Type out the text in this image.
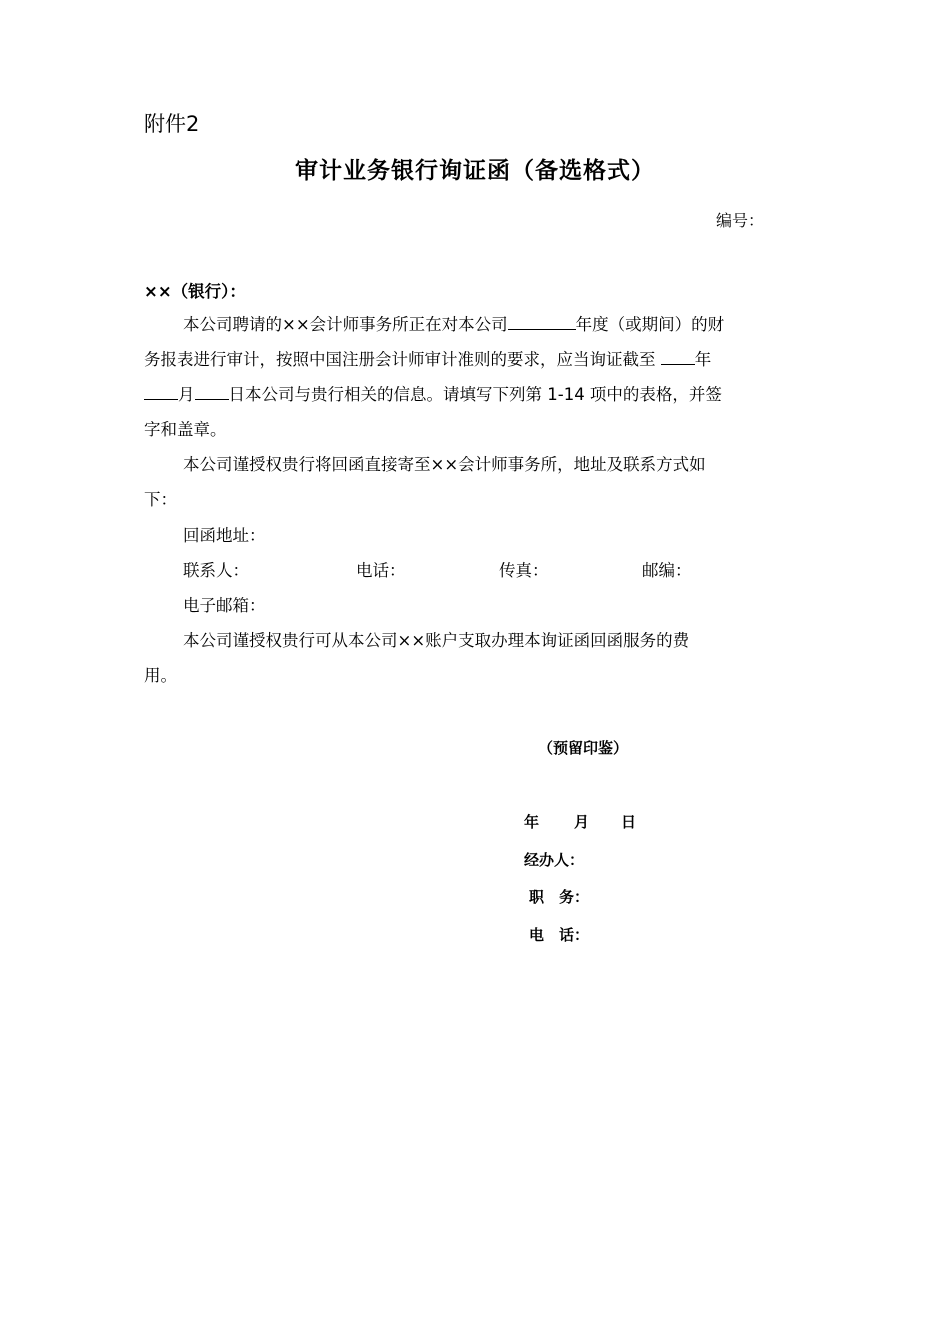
附件2
审计业务银行询证函（备选格式）
编号：
××（银行）：
本公司聘请的××会计师事务所正在对本公司	年度（或期间）的财
务报表进行审计，按照中国注册会计师审计准则的要求，应当询证截至 年
月 日本公司与贵行相关的信息。请填写下列第 1-14 项中的表格，并签
字和盖章。
本公司谨授权贵行将回函直接寄至××会计师事务所，地址及联系方式如
下：
回函地址：
联系人：	电话：	传真：	邮编：
电子邮箱：
本公司谨授权贵行可从本公司××账户支取办理本询证函回函服务的费
用。
（预留印鉴）
年 月 日
经办人：
职　务：
电　话：
